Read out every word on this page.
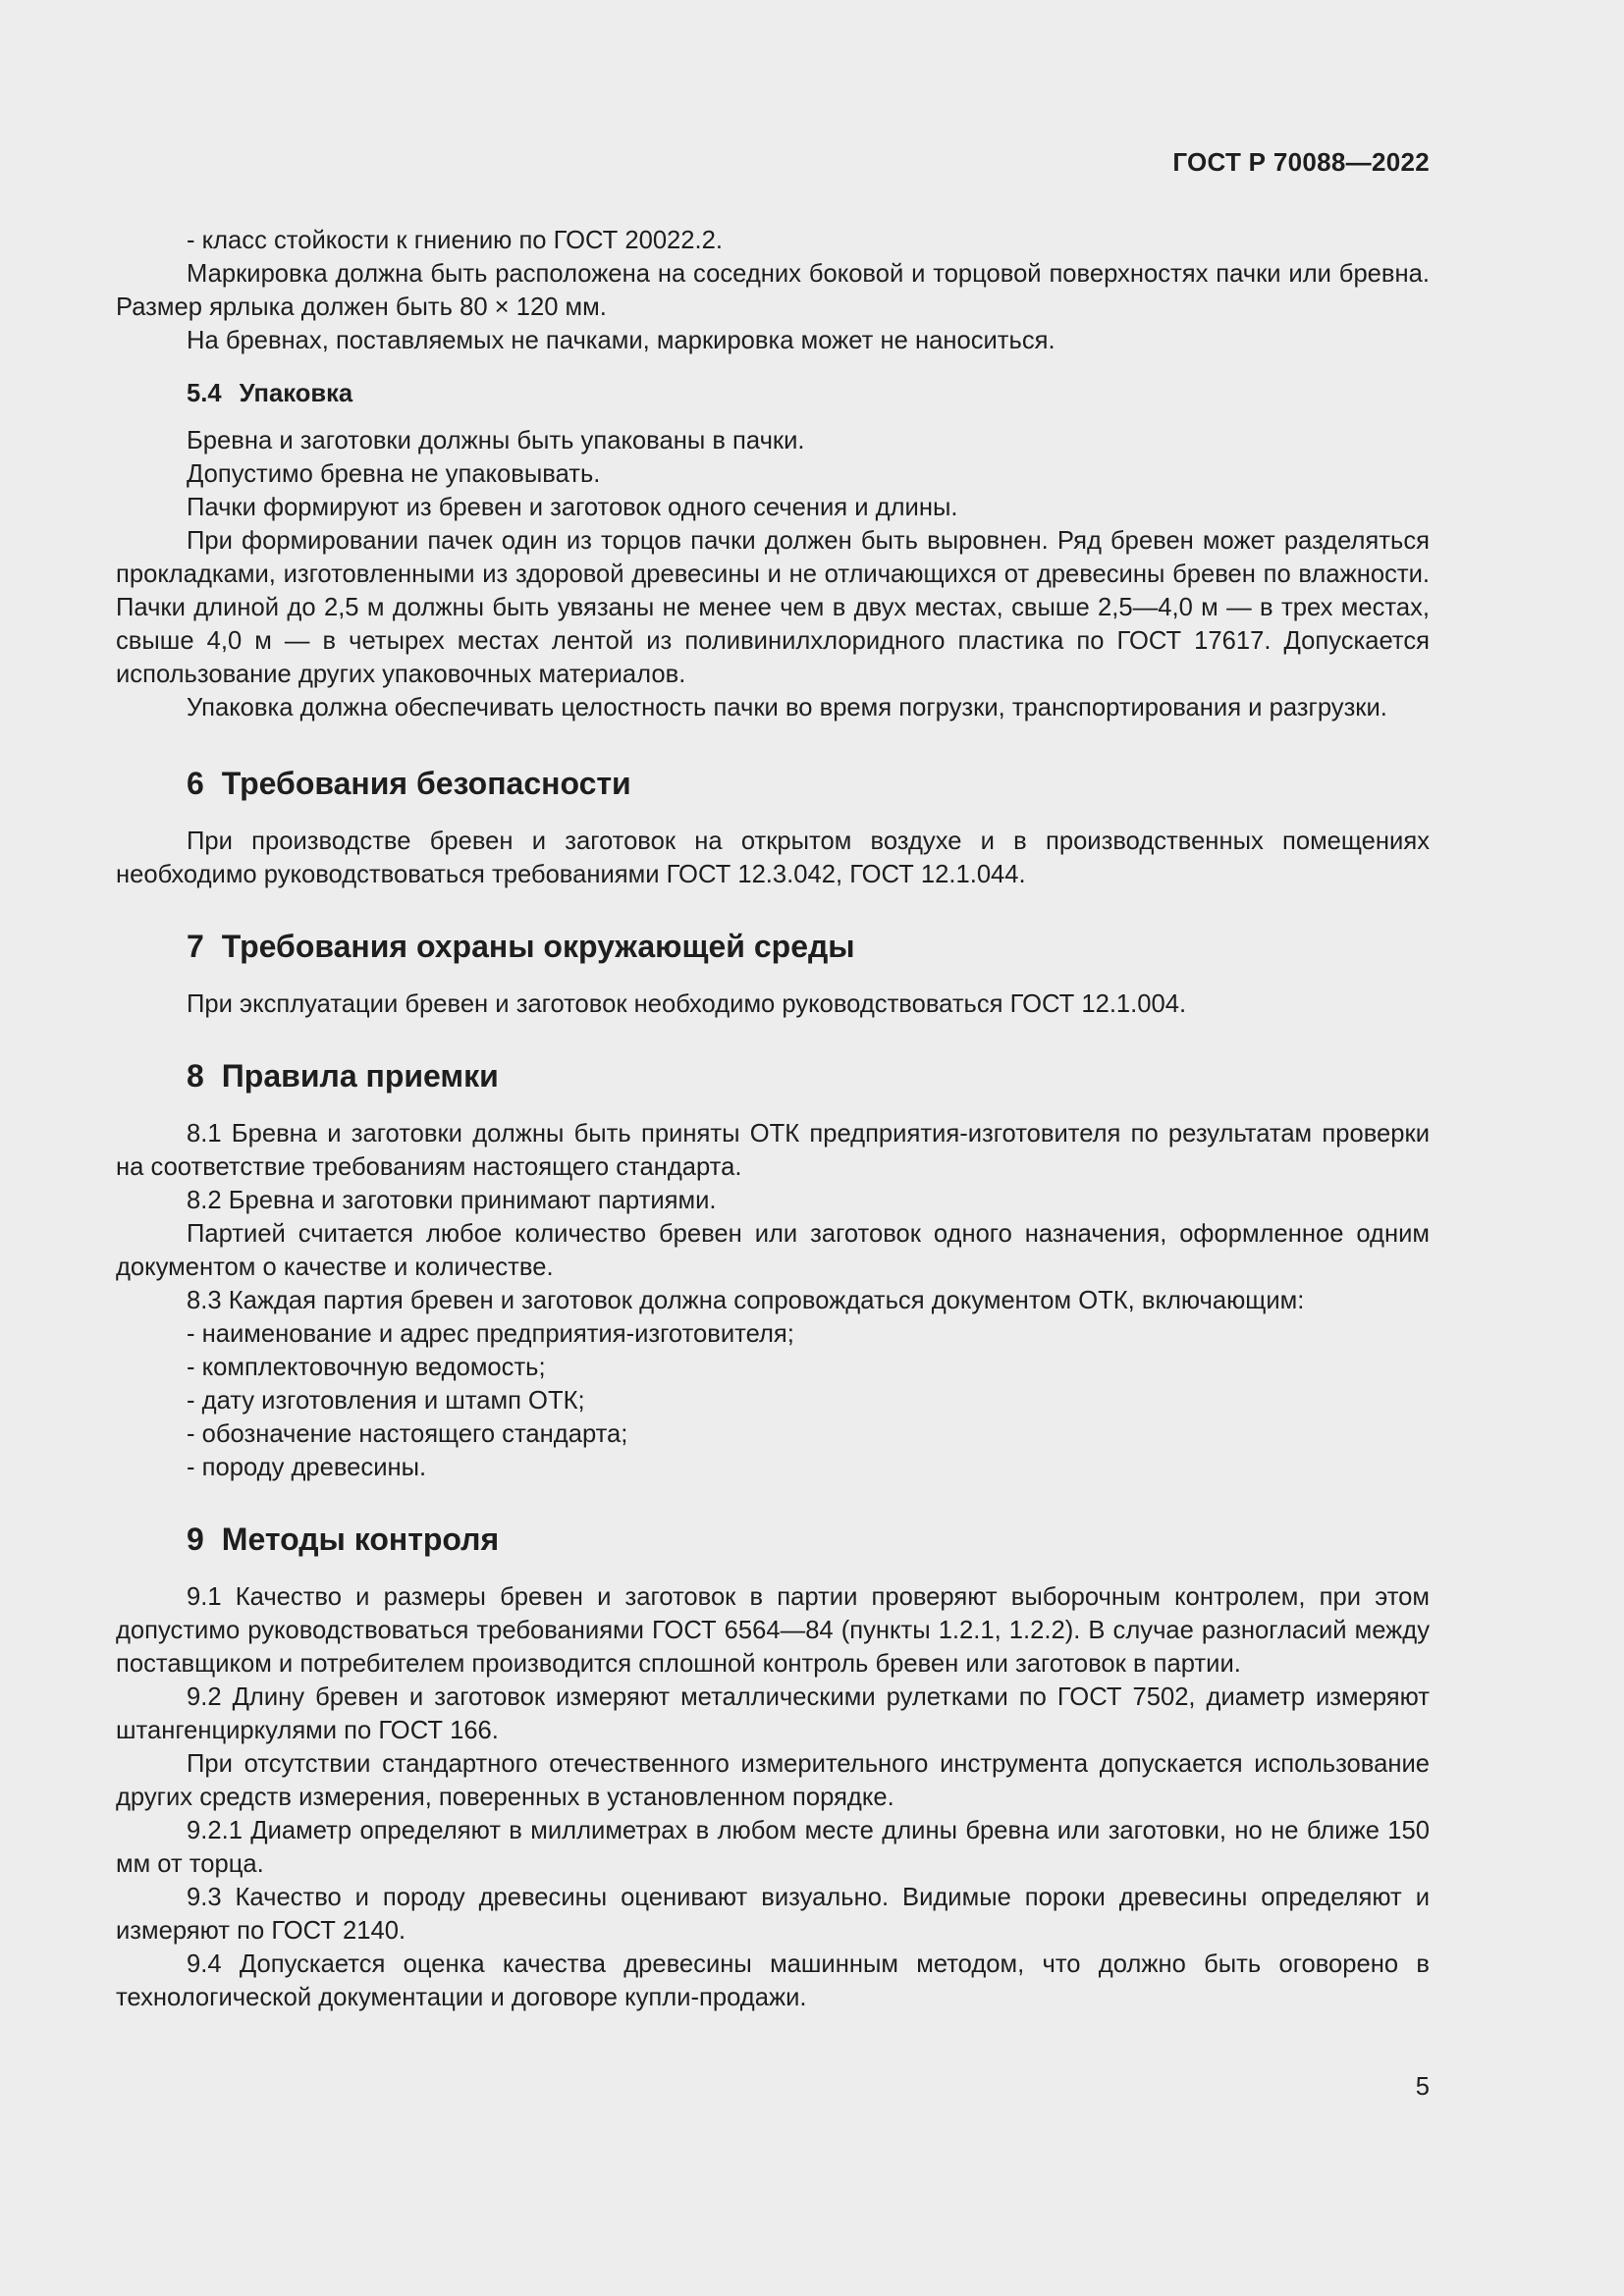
ГОСТ Р 70088—2022

- класс стойкости к гниению по ГОСТ 20022.2.

Маркировка должна быть расположена на соседних боковой и торцовой поверхностях пачки или бревна. Размер ярлыка должен быть 80 × 120 мм.

На бревнах, поставляемых не пачками, маркировка может не наноситься.

5.4 Упаковка

Бревна и заготовки должны быть упакованы в пачки.

Допустимо бревна не упаковывать.

Пачки формируют из бревен и заготовок одного сечения и длины.

При формировании пачек один из торцов пачки должен быть выровнен. Ряд бревен может разделяться прокладками, изготовленными из здоровой древесины и не отличающихся от древесины бревен по влажности. Пачки длиной до 2,5 м должны быть увязаны не менее чем в двух местах, свыше 2,5—4,0 м — в трех местах, свыше 4,0 м — в четырех местах лентой из поливинилхлоридного пластика по ГОСТ 17617. Допускается использование других упаковочных материалов.

Упаковка должна обеспечивать целостность пачки во время погрузки, транспортирования и разгрузки.

6 Требования безопасности

При производстве бревен и заготовок на открытом воздухе и в производственных помещениях необходимо руководствоваться требованиями ГОСТ 12.3.042, ГОСТ 12.1.044.

7 Требования охраны окружающей среды

При эксплуатации бревен и заготовок необходимо руководствоваться ГОСТ 12.1.004.

8 Правила приемки

8.1 Бревна и заготовки должны быть приняты ОТК предприятия-изготовителя по результатам проверки на соответствие требованиям настоящего стандарта.

8.2 Бревна и заготовки принимают партиями.

Партией считается любое количество бревен или заготовок одного назначения, оформленное одним документом о качестве и количестве.

8.3 Каждая партия бревен и заготовок должна сопровождаться документом ОТК, включающим:

- наименование и адрес предприятия-изготовителя;

- комплектовочную ведомость;

- дату изготовления и штамп ОТК;

- обозначение настоящего стандарта;

- породу древесины.

9 Методы контроля

9.1 Качество и размеры бревен и заготовок в партии проверяют выборочным контролем, при этом допустимо руководствоваться требованиями ГОСТ 6564—84 (пункты 1.2.1, 1.2.2). В случае разногласий между поставщиком и потребителем производится сплошной контроль бревен или заготовок в партии.

9.2 Длину бревен и заготовок измеряют металлическими рулетками по ГОСТ 7502, диаметр измеряют штангенциркулями по ГОСТ 166.

При отсутствии стандартного отечественного измерительного инструмента допускается использование других средств измерения, поверенных в установленном порядке.

9.2.1 Диаметр определяют в миллиметрах в любом месте длины бревна или заготовки, но не ближе 150 мм от торца.

9.3 Качество и породу древесины оценивают визуально. Видимые пороки древесины определяют и измеряют по ГОСТ 2140.

9.4 Допускается оценка качества древесины машинным методом, что должно быть оговорено в технологической документации и договоре купли-продажи.

5
